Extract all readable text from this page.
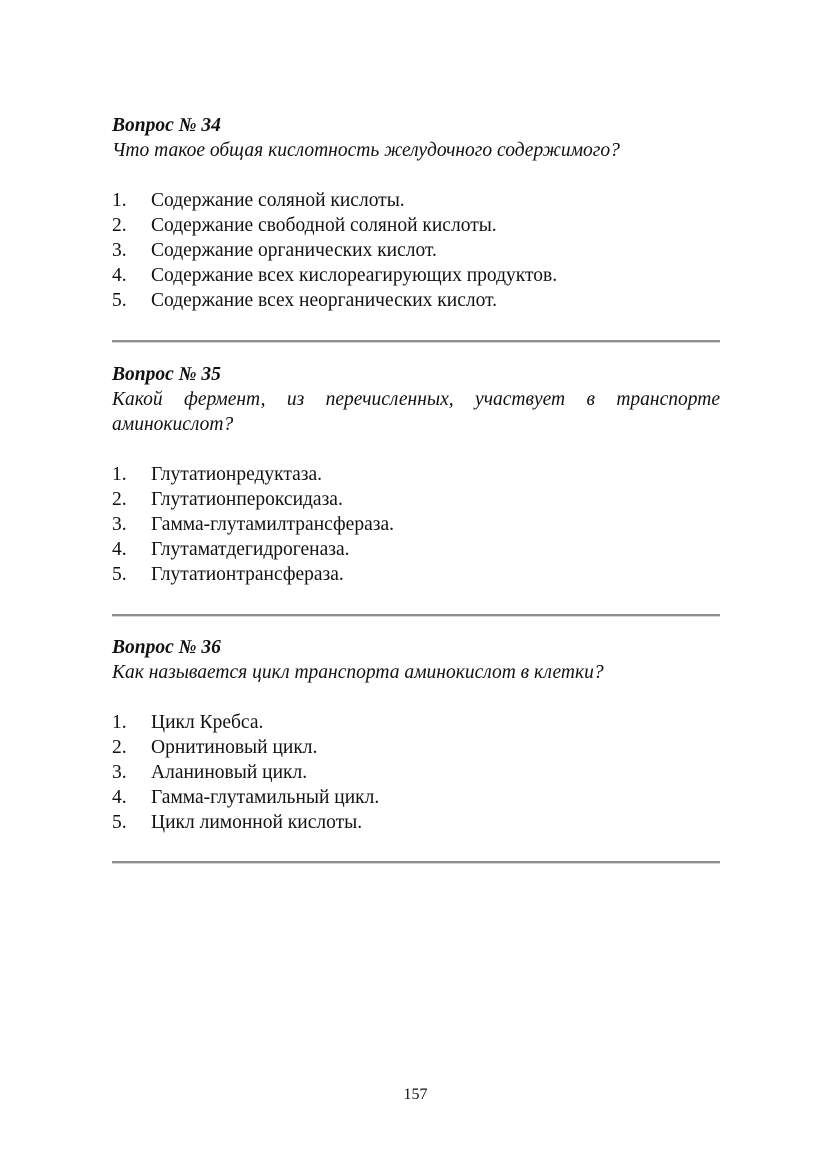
Вопрос № 34

Что такое общая кислотность желудочного содержимого?

1.	Содержание соляной кислоты.
2.	Содержание свободной соляной кислоты.
3.	Содержание органических кислот.
4.	Содержание всех кислореагирующих продуктов.
5.	Содержание всех неорганических кислот.

Вопрос № 35

Какой фермент, из перечисленных, участвует в транспорте аминокислот?

1.	Глутатионредуктаза.
2.	Глутатионпероксидаза.
3.	Гамма-глутамилтрансфераза.
4.	Глутаматдегидрогеназа.
5.	Глутатионтрансфераза.

Вопрос № 36

Как называется цикл транспорта аминокислот в клетки?

1.	Цикл Кребса.
2.	Орнитиновый цикл.
3.	Аланиновый цикл.
4.	Гамма-глутамильный цикл.
5.	Цикл лимонной кислоты.
157
